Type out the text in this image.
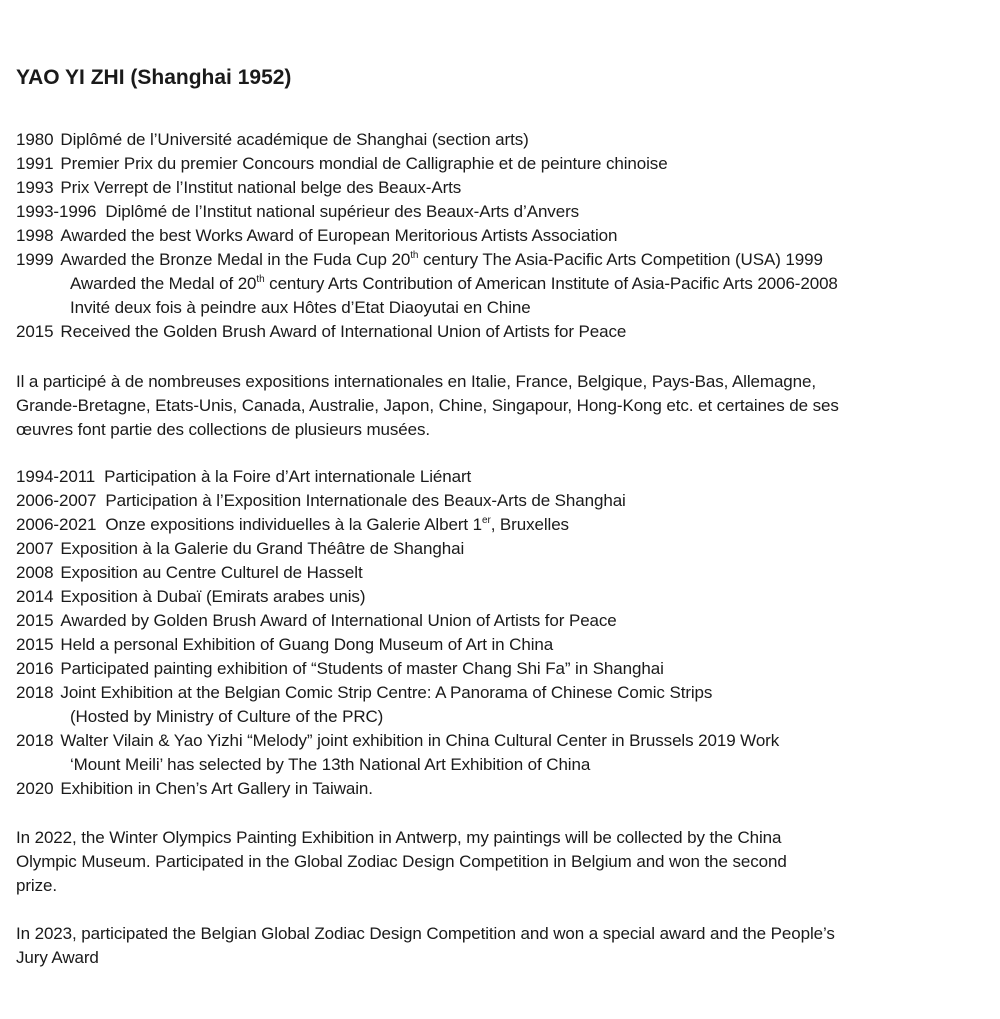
YAO YI ZHI (Shanghai 1952)
1980 Diplômé de l’Université académique de Shanghai (section arts)
1991 Premier Prix du premier Concours mondial de Calligraphie et de peinture chinoise
1993 Prix Verrept de l’Institut national belge des Beaux-Arts
1993-1996 Diplômé de l’Institut national supérieur des Beaux-Arts d’Anvers
1998 Awarded the best Works Award of European Meritorious Artists Association
1999 Awarded the Bronze Medal in the Fuda Cup 20th century The Asia-Pacific Arts Competition (USA) 1999
Awarded the Medal of 20th century Arts Contribution of American Institute of Asia-Pacific Arts 2006-2008
Invité deux fois à peindre aux Hôtes d’Etat Diaoyutai en Chine
2015 Received the Golden Brush Award of International Union of Artists for Peace
Il a participé à de nombreuses expositions internationales en Italie, France, Belgique, Pays-Bas, Allemagne,
Grande-Bretagne, Etats-Unis, Canada, Australie, Japon, Chine, Singapour, Hong-Kong etc. et certaines de ses
œuvres font partie des collections de plusieurs musées.
1994-2011 Participation à la Foire d’Art internationale Liénart
2006-2007 Participation à l’Exposition Internationale des Beaux-Arts de Shanghai
2006-2021 Onze expositions individuelles à la Galerie Albert 1er, Bruxelles
2007 Exposition à la Galerie du Grand Théâtre de Shanghai
2008 Exposition au Centre Culturel de Hasselt
2014 Exposition à Dubaï (Emirats arabes unis)
2015 Awarded by Golden Brush Award of International Union of Artists for Peace
2015 Held a personal Exhibition of Guang Dong Museum of Art in China
2016 Participated painting exhibition of “Students of master Chang Shi Fa” in Shanghai
2018 Joint Exhibition at the Belgian Comic Strip Centre: A Panorama of Chinese Comic Strips
(Hosted by Ministry of Culture of the PRC)
2018 Walter Vilain & Yao Yizhi “Melody” joint exhibition in China Cultural Center in Brussels 2019 Work
‘Mount Meili’ has selected by The 13th National Art Exhibition of China
2020 Exhibition in Chen’s Art Gallery in Taiwain.
In 2022, the Winter Olympics Painting Exhibition in Antwerp, my paintings will be collected by the China
Olympic Museum. Participated in the Global Zodiac Design Competition in Belgium and won the second
prize.
In 2023, participated the Belgian Global Zodiac Design Competition and won a special award and the People’s
Jury Award
